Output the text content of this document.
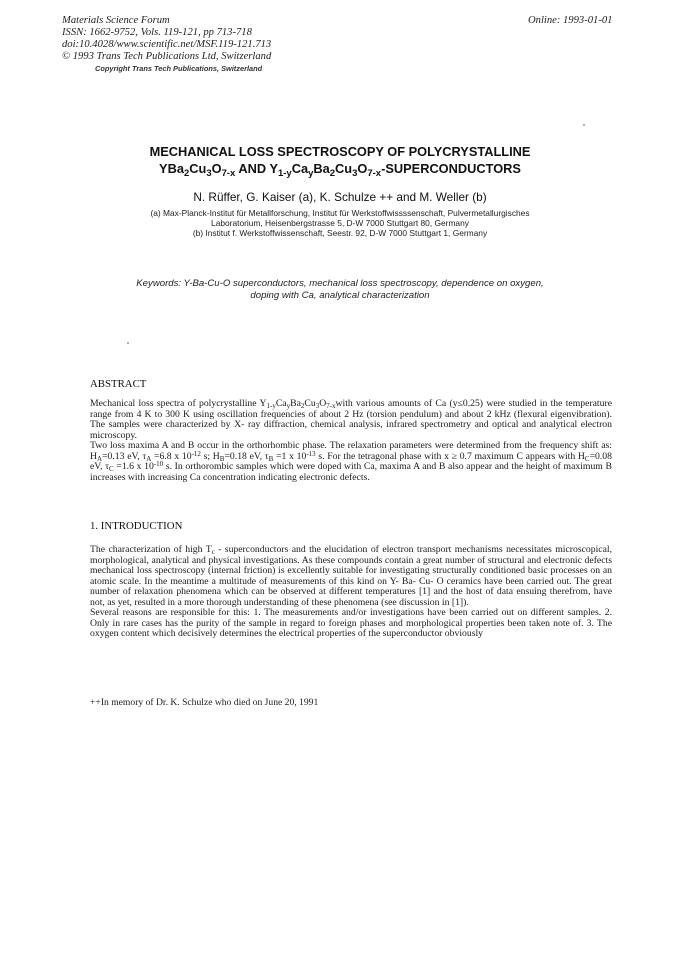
Materials Science Forum
ISSN: 1662-9752, Vols. 119-121, pp 713-718
doi:10.4028/www.scientific.net/MSF.119-121.713
© 1993 Trans Tech Publications Ltd, Switzerland
Online: 1993-01-01
Copyright Trans Tech Publications, Switzerland
MECHANICAL LOSS SPECTROSCOPY OF POLYCRYSTALLINE
$YBa_2Cu_3O_{7-x}$ AND $Y_{1-y}Ca_yBa_2Cu_3O_{7-x}$-SUPERCONDUCTORS
N. Rüffer, G. Kaiser (a), K. Schulze ++ and M. Weller (b)
(a) Max-Planck-Institut für Metallforschung, Institut für Werkstoffwissssenschaft, Pulvermetallurgisches
Laboratorium, Heisenbergstrasse 5, D-W 7000 Stuttgart 80, Germany
(b) Institut f. Werkstoffwissenschaft, Seestr. 92, D-W 7000 Stuttgart 1, Germany
Keywords: Y-Ba-Cu-O superconductors, mechanical loss spectroscopy, dependence on oxygen,
doping with Ca, analytical characterization
ABSTRACT

Mechanical loss spectra of polycrystalline $Y_{1-y}Ca_yBa_2Cu_3O_{7-x}with$ various amounts of Ca (y≤0.25) were studied in the temperature range from 4 K to 300 K using oscillation frequencies of about 2 Hz (torsion pendulum) and about 2 kHz (flexural eigenvibration). The samples were characterized by X- ray diffraction, chemical analysis, infrared spectrometry and optical and analytical electron microscopy.

Two loss maxima A and B occur in the orthorhombic phase. The relaxation parameters were determined from the frequency shift as: $H_A=0.13$ eV, $\tau_A =6.8$ x $10^{-12}$ s; $H_B=0.18$ eV, $\tau_B =1$ x $10^{-13}$ s. For the tetragonal phase with x ≥ 0.7 maximum C appears with $H_C=0.08$ eV, $\tau_C =1.6$ x $10^{-10}$ s. In orthorombic samples which were doped with Ca, maxima A and B also appear and the height of maximum B increases with increasing Ca concentration indicating electronic defects.

1. INTRODUCTION

The characterization of high $T_c$ - superconductors and the elucidation of electron transport mechanisms necessitates microscopical, morphological, analytical and physical investigations. As these compounds contain a great number of structural and electronic defects mechanical loss spectroscopy (internal friction) is excellently suitable for investigating structurally conditioned basic processes on an atomic scale. In the meantime a multitude of measurements of this kind on Y- Ba- Cu- O ceramics have been carried out. The great number of relaxation phenomena which can be observed at different temperatures [1] and the host of data ensuing therefrom, have not, as yet, resulted in a more thorough understanding of these phenomena (see discussion in [1]).

Several reasons are responsible for this: 1. The measurements and/or investigations have been carried out on different samples. 2. Only in rare cases has the purity of the sample in regard to foreign phases and morphological properties been taken note of. 3. The oxygen content which decisively determines the electrical properties of the superconductor obviously

++In memory of Dr. K. Schulze who died on June 20, 1991
